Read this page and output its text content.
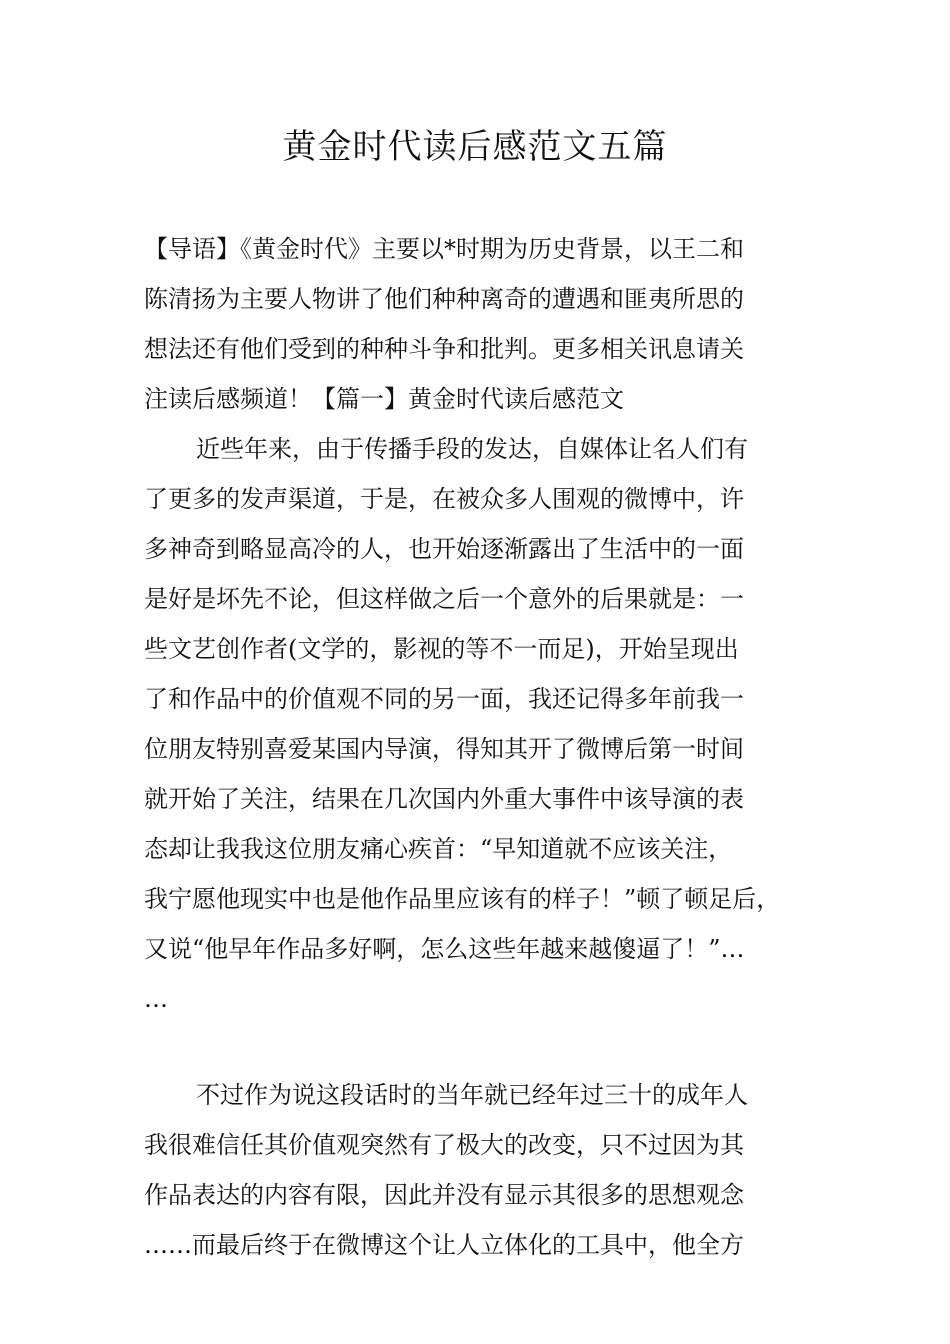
黄金时代读后感范文五篇
【导语】《黄金时代》主要以*时期为历史背景，以王二和
陈清扬为主要人物讲了他们种种离奇的遭遇和匪夷所思的
想法还有他们受到的种种斗争和批判。更多相关讯息请关
注读后感频道！【篇一】黄金时代读后感范文
近些年来，由于传播手段的发达，自媒体让名人们有
了更多的发声渠道，于是，在被众多人围观的微博中，许
多神奇到略显高冷的人，也开始逐渐露出了生活中的一面
是好是坏先不论，但这样做之后一个意外的后果就是：一
些文艺创作者(文学的，影视的等不一而足)，开始呈现出
了和作品中的价值观不同的另一面，我还记得多年前我一
位朋友特别喜爱某国内导演，得知其开了微博后第一时间
就开始了关注，结果在几次国内外重大事件中该导演的表
态却让我我这位朋友痛心疾首：“早知道就不应该关注，
我宁愿他现实中也是他作品里应该有的样子！”顿了顿足后，
又说“他早年作品多好啊，怎么这些年越来越傻逼了！”…
…
不过作为说这段话时的当年就已经年过三十的成年人
我很难信任其价值观突然有了极大的改变，只不过因为其
作品表达的内容有限，因此并没有显示其很多的思想观念
……而最后终于在微博这个让人立体化的工具中，他全方
